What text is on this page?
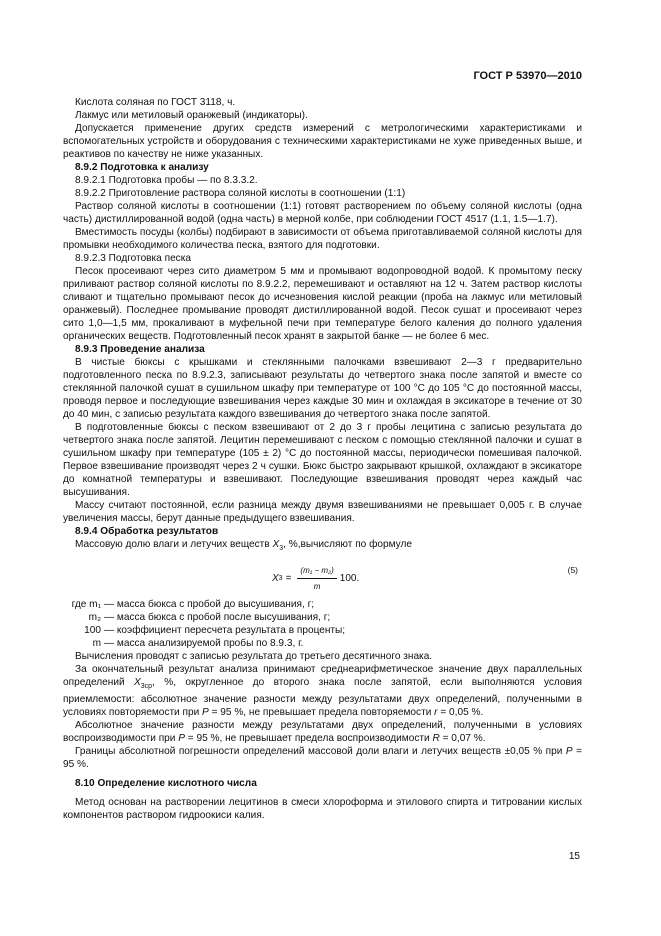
ГОСТ Р 53970—2010

Кислота соляная по ГОСТ 3118, ч.

Лакмус или метиловый оранжевый (индикаторы).

Допускается применение других средств измерений с метрологическими характеристиками и вспомогательных устройств и оборудования с техническими характеристиками не хуже приведенных выше, и реактивов по качеству не ниже указанных.

8.9.2 Подготовка к анализу

8.9.2.1 Подготовка пробы — по 8.3.3.2.

8.9.2.2 Приготовление раствора соляной кислоты в соотношении (1:1)

Раствор соляной кислоты в соотношении (1:1) готовят растворением по объему соляной кислоты (одна часть) дистиллированной водой (одна часть) в мерной колбе, при соблюдении ГОСТ 4517 (1.1, 1.5—1.7).

Вместимость посуды (колбы) подбирают в зависимости от объема приготавливаемой соляной кислоты для промывки необходимого количества песка, взятого для подготовки.

8.9.2.3 Подготовка песка

Песок просеивают через сито диаметром 5 мм и промывают водопроводной водой. К промытому песку приливают раствор соляной кислоты по 8.9.2.2, перемешивают и оставляют на 12 ч. Затем раствор кислоты сливают и тщательно промывают песок до исчезновения кислой реакции (проба на лакмус или метиловый оранжевый). Последнее промывание проводят дистиллированной водой. Песок сушат и просеивают через сито 1,0—1,5 мм, прокаливают в муфельной печи при температуре белого каления до полного удаления органических веществ. Подготовленный песок хранят в закрытой банке — не более 6 мес.

8.9.3 Проведение анализа

В чистые бюксы с крышками и стеклянными палочками взвешивают 2—3 г предварительно подготовленного песка по 8.9.2.3, записывают результаты до четвертого знака после запятой и вместе со стеклянной палочкой сушат в сушильном шкафу при температуре от 100 °С до 105 °С до постоянной массы, проводя первое и последующие взвешивания через каждые 30 мин и охлаждая в эксикаторе в течение от 30 до 40 мин, с записью результата каждого взвешивания до четвертого знака после запятой.

В подготовленные бюксы с песком взвешивают от 2 до 3 г пробы лецитина с записью результата до четвертого знака после запятой. Лецитин перемешивают с песком с помощью стеклянной палочки и сушат в сушильном шкафу при температуре (105 ± 2) °С до постоянной массы, периодически помешивая палочкой. Первое взвешивание производят через 2 ч сушки. Бюкс быстро закрывают крышкой, охлаждают в эксикаторе до комнатной температуры и взвешивают. Последующие взвешивания проводят через каждый час высушивания.

Массу считают постоянной, если разница между двумя взвешиваниями не превышает 0,005 г. В случае увеличения массы, берут данные предыдущего взвешивания.

8.9.4 Обработка результатов

Массовую долю влаги и летучих веществ $X_3$, %,вычисляют по формуле

X $3 = \frac{\text{(m₁ − m₂)}}{m} 100$.
(5)
где m₁ — масса бюкса с пробой до высушивания, г;
m₂ — масса бюкса с пробой после высушивания, г;
100 — коэффициент пересчета результата в проценты;
m — масса анализируемой пробы по 8.9.3, г.

Вычисления проводят с записью результата до третьего десятичного знака.

За окончательный результат анализа принимают среднеарифметическое значение двух параллельных определений $X_{3ср}$, %, округленное до второго знака после запятой, если выполняются условия приемлемости: абсолютное значение разности между результатами двух определений, полученными в условиях повторяемости при P = 95 %, не превышает предела повторяемости r = 0,05 %.

Абсолютное значение разности между результатами двух определений, полученными в условиях воспроизводимости при P = 95 %, не превышает предела воспроизводимости R = 0,07 %.

Границы абсолютной погрешности определений массовой доли влаги и летучих веществ ±0,05 % при P = 95 %.

8.10 Определение кислотного числа

Метод основан на растворении лецитинов в смеси хлороформа и этилового спирта и титровании кислых компонентов раствором гидроокиси калия.

15
